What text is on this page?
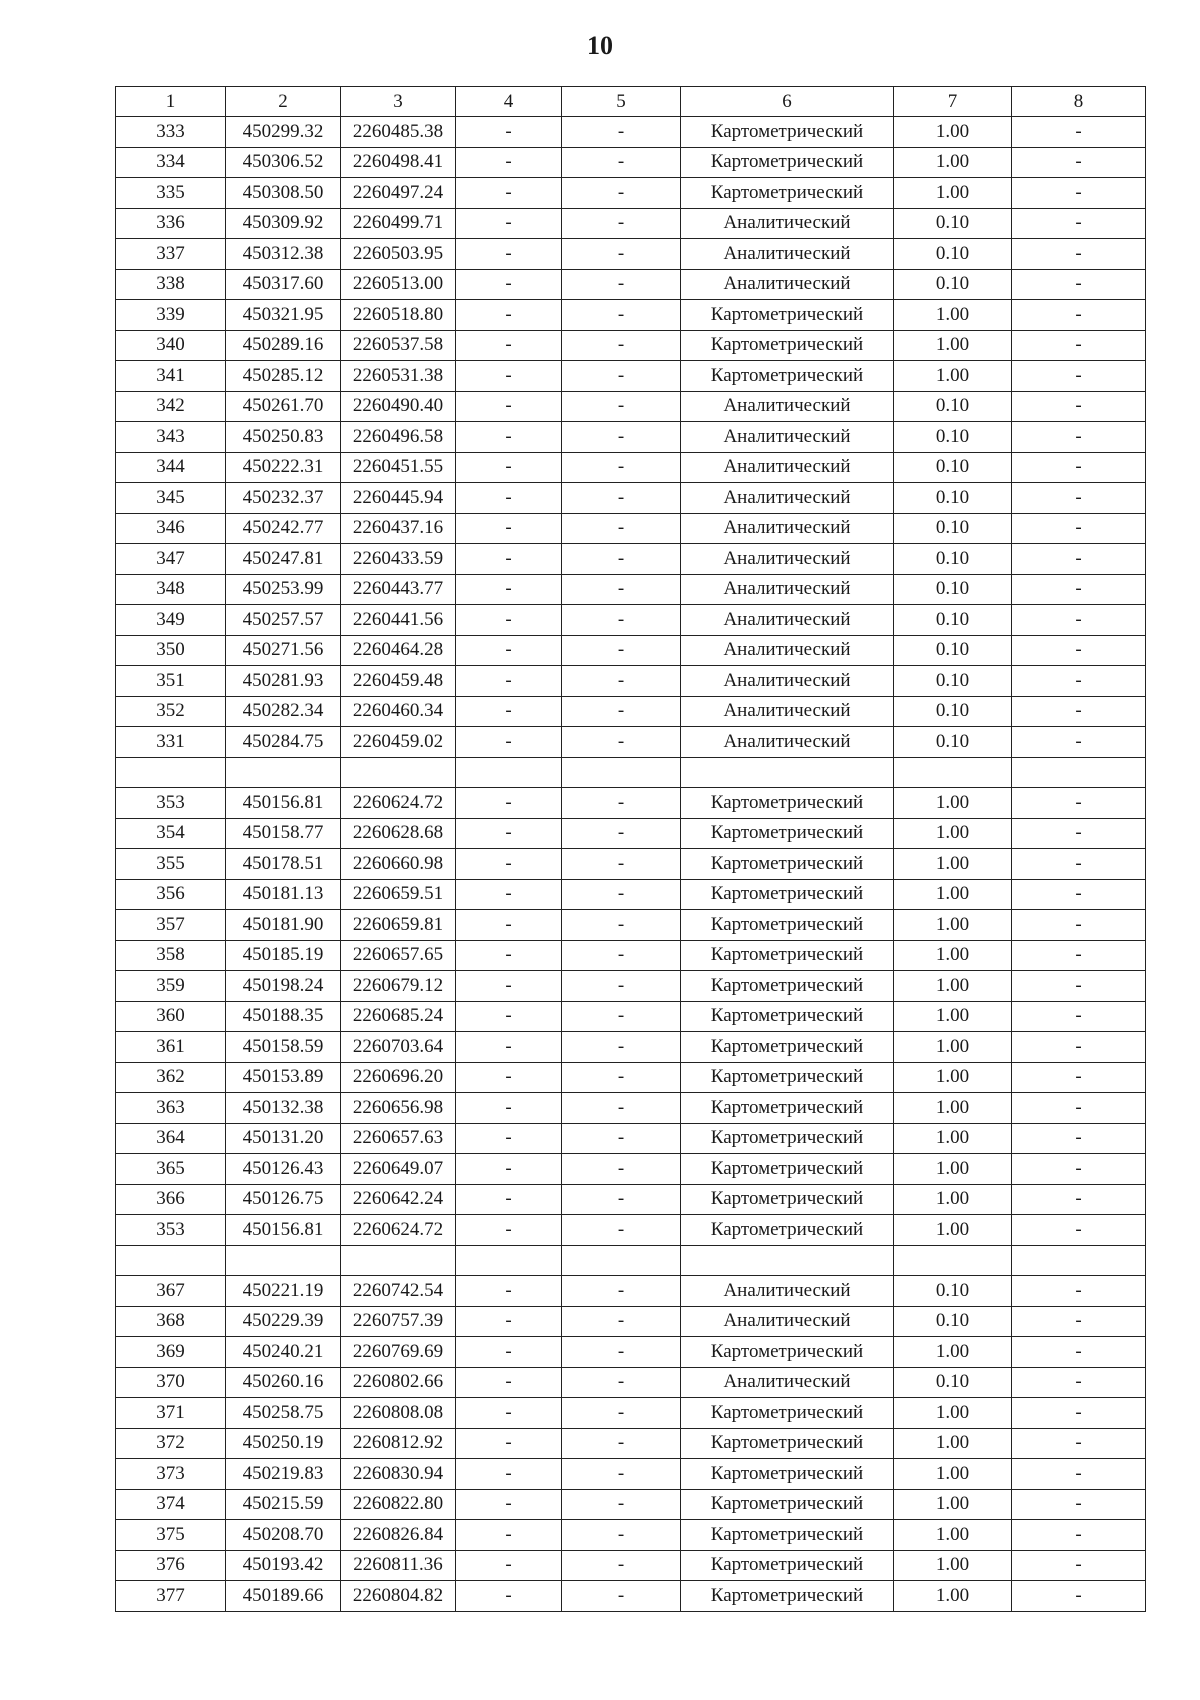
10
1	2	3	4	5	6	7	8
333	450299.32	2260485.38	-	-	Картометрический	1.00	-
334	450306.52	2260498.41	-	-	Картометрический	1.00	-
335	450308.50	2260497.24	-	-	Картометрический	1.00	-
336	450309.92	2260499.71	-	-	Аналитический	0.10	-
337	450312.38	2260503.95	-	-	Аналитический	0.10	-
338	450317.60	2260513.00	-	-	Аналитический	0.10	-
339	450321.95	2260518.80	-	-	Картометрический	1.00	-
340	450289.16	2260537.58	-	-	Картометрический	1.00	-
341	450285.12	2260531.38	-	-	Картометрический	1.00	-
342	450261.70	2260490.40	-	-	Аналитический	0.10	-
343	450250.83	2260496.58	-	-	Аналитический	0.10	-
344	450222.31	2260451.55	-	-	Аналитический	0.10	-
345	450232.37	2260445.94	-	-	Аналитический	0.10	-
346	450242.77	2260437.16	-	-	Аналитический	0.10	-
347	450247.81	2260433.59	-	-	Аналитический	0.10	-
348	450253.99	2260443.77	-	-	Аналитический	0.10	-
349	450257.57	2260441.56	-	-	Аналитический	0.10	-
350	450271.56	2260464.28	-	-	Аналитический	0.10	-
351	450281.93	2260459.48	-	-	Аналитический	0.10	-
352	450282.34	2260460.34	-	-	Аналитический	0.10	-
331	450284.75	2260459.02	-	-	Аналитический	0.10	-

353	450156.81	2260624.72	-	-	Картометрический	1.00	-
354	450158.77	2260628.68	-	-	Картометрический	1.00	-
355	450178.51	2260660.98	-	-	Картометрический	1.00	-
356	450181.13	2260659.51	-	-	Картометрический	1.00	-
357	450181.90	2260659.81	-	-	Картометрический	1.00	-
358	450185.19	2260657.65	-	-	Картометрический	1.00	-
359	450198.24	2260679.12	-	-	Картометрический	1.00	-
360	450188.35	2260685.24	-	-	Картометрический	1.00	-
361	450158.59	2260703.64	-	-	Картометрический	1.00	-
362	450153.89	2260696.20	-	-	Картометрический	1.00	-
363	450132.38	2260656.98	-	-	Картометрический	1.00	-
364	450131.20	2260657.63	-	-	Картометрический	1.00	-
365	450126.43	2260649.07	-	-	Картометрический	1.00	-
366	450126.75	2260642.24	-	-	Картометрический	1.00	-
353	450156.81	2260624.72	-	-	Картометрический	1.00	-

367	450221.19	2260742.54	-	-	Аналитический	0.10	-
368	450229.39	2260757.39	-	-	Аналитический	0.10	-
369	450240.21	2260769.69	-	-	Картометрический	1.00	-
370	450260.16	2260802.66	-	-	Аналитический	0.10	-
371	450258.75	2260808.08	-	-	Картометрический	1.00	-
372	450250.19	2260812.92	-	-	Картометрический	1.00	-
373	450219.83	2260830.94	-	-	Картометрический	1.00	-
374	450215.59	2260822.80	-	-	Картометрический	1.00	-
375	450208.70	2260826.84	-	-	Картометрический	1.00	-
376	450193.42	2260811.36	-	-	Картометрический	1.00	-
377	450189.66	2260804.82	-	-	Картометрический	1.00	-
